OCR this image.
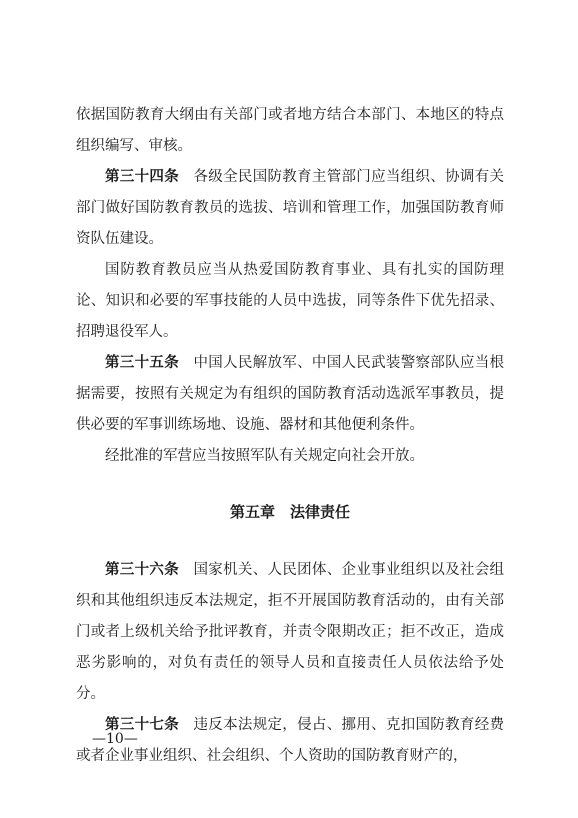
依据国防教育大纲由有关部门或者地方结合本部门、本地区的特点组织编写、审核。

第三十四条 各级全民国防教育主管部门应当组织、协调有关部门做好国防教育教员的选拔、培训和管理工作，加强国防教育师资队伍建设。

国防教育教员应当从热爱国防教育事业、具有扎实的国防理论、知识和必要的军事技能的人员中选拔，同等条件下优先招录、招聘退役军人。

第三十五条 中国人民解放军、中国人民武装警察部队应当根据需要，按照有关规定为有组织的国防教育活动选派军事教员，提供必要的军事训练场地、设施、器材和其他便利条件。

经批准的军营应当按照军队有关规定向社会开放。

第五章　法律责任

第三十六条 国家机关、人民团体、企业事业组织以及社会组织和其他组织违反本法规定，拒不开展国防教育活动的，由有关部门或者上级机关给予批评教育，并责令限期改正；拒不改正，造成恶劣影响的，对负有责任的领导人员和直接责任人员依法给予处分。

第三十七条 违反本法规定，侵占、挪用、克扣国防教育经费或者企业事业组织、社会组织、个人资助的国防教育财产的，

—10—
